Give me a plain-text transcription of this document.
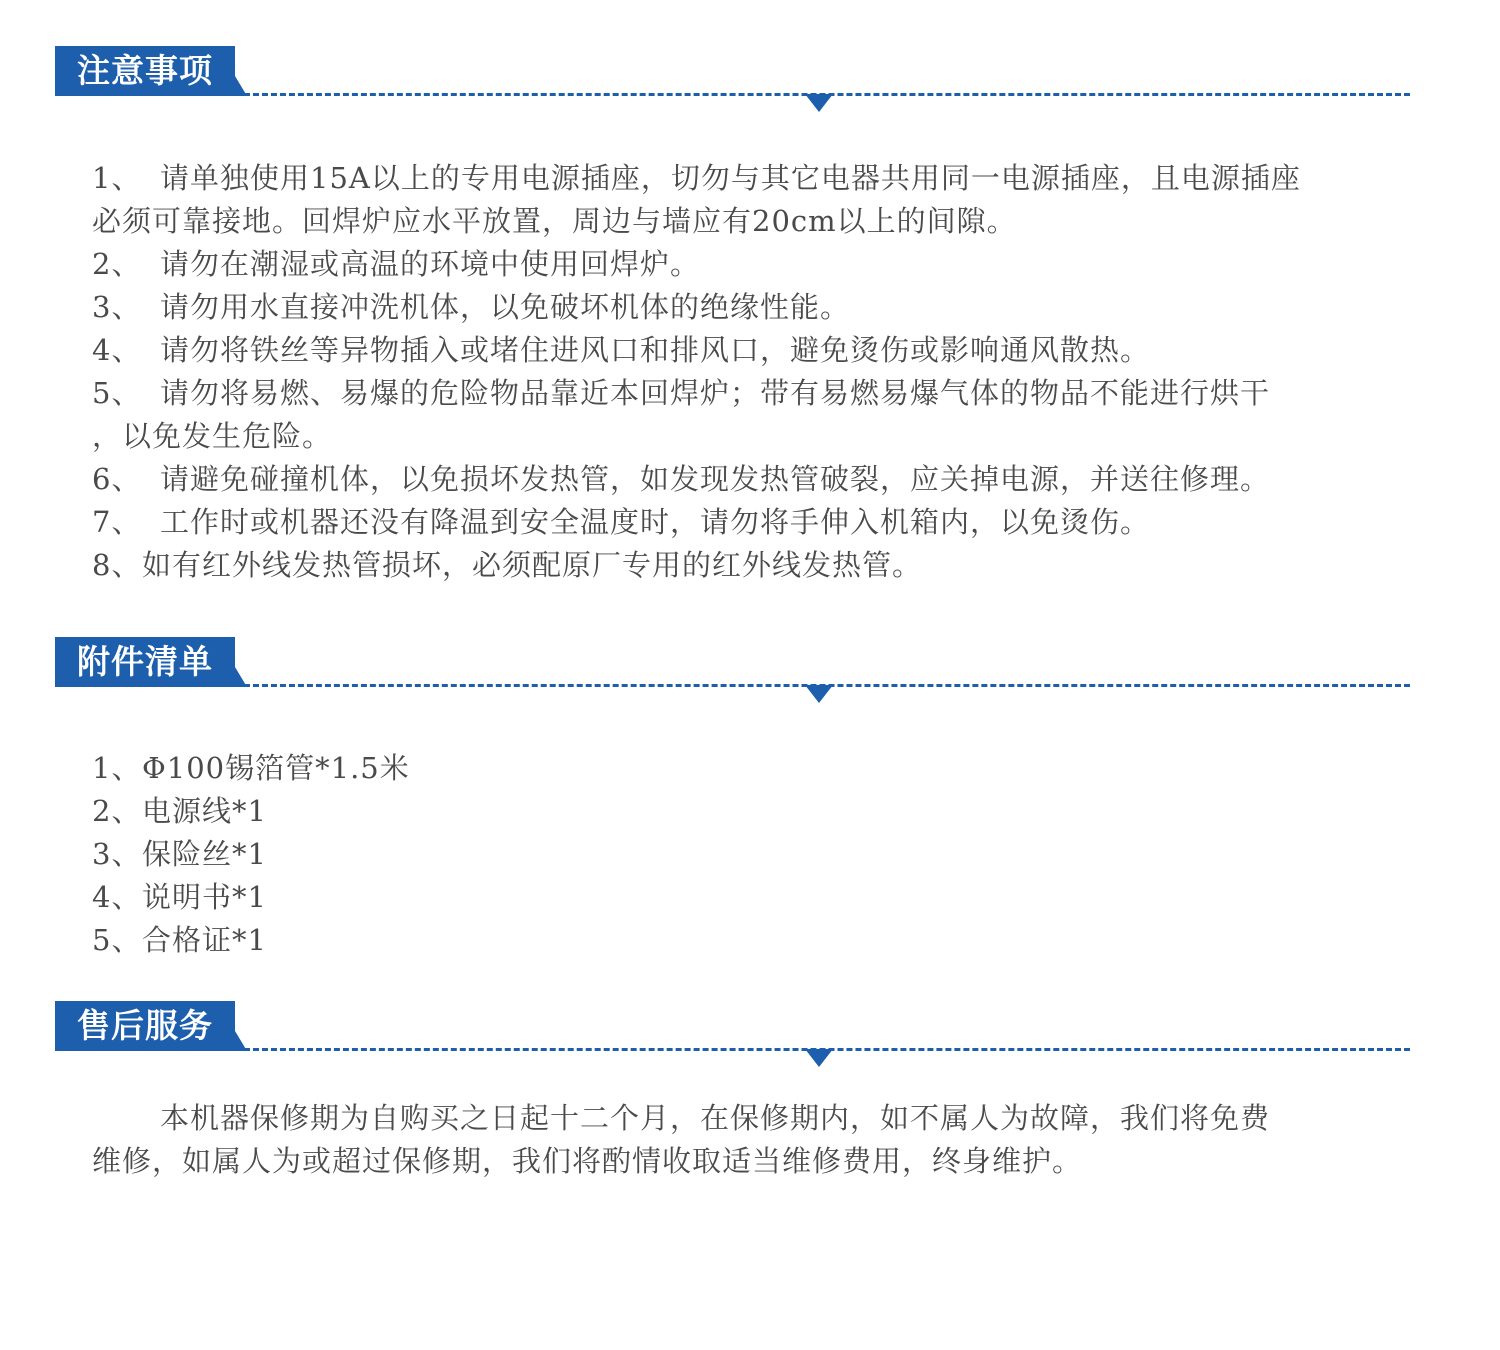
注意事项

1、 请单独使用15A以上的专用电源插座，切勿与其它电器共用同一电源插座，且电源插座

必须可靠接地。回焊炉应水平放置，周边与墙应有20cm以上的间隙。

2、 请勿在潮湿或高温的环境中使用回焊炉。

3、 请勿用水直接冲洗机体，以免破坏机体的绝缘性能。

4、 请勿将铁丝等异物插入或堵住进风口和排风口，避免烫伤或影响通风散热。

5、 请勿将易燃、易爆的危险物品靠近本回焊炉；带有易燃易爆气体的物品不能进行烘干

，以免发生危险。

6、 请避免碰撞机体，以免损坏发热管，如发现发热管破裂，应关掉电源，并送往修理。

7、 工作时或机器还没有降温到安全温度时，请勿将手伸入机箱内，以免烫伤。

8、如有红外线发热管损坏，必须配原厂专用的红外线发热管。

附件清单

1、Φ100锡箔管*1.5米

2、电源线*1

3、保险丝*1

4、说明书*1

5、合格证*1

售后服务

本机器保修期为自购买之日起十二个月，在保修期内，如不属人为故障，我们将免费

维修，如属人为或超过保修期，我们将酌情收取适当维修费用，终身维护。
